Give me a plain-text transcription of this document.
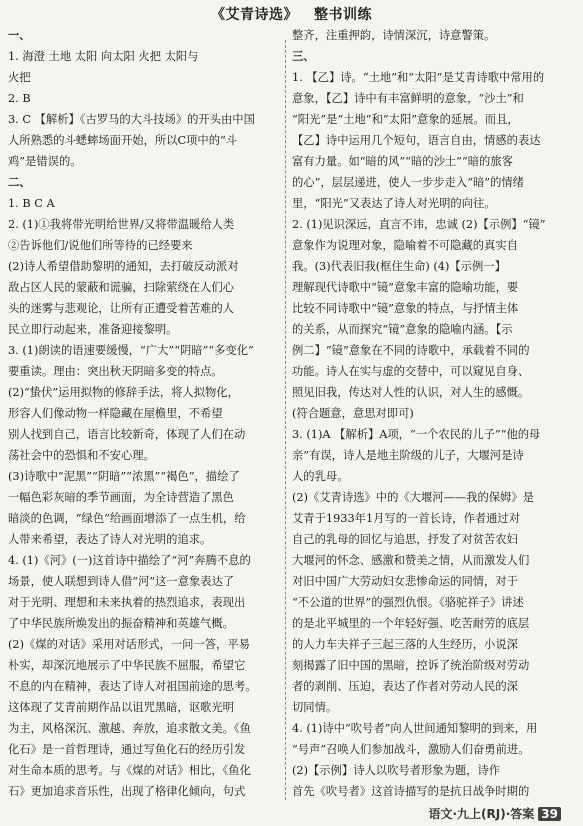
《艾青诗选》 整书训练
一、
1. 海澄 土地 太阳 向太阳 火把 太阳与
火把
2. B
3. C 【解析】《古罗马的大斗技场》的开头由中国
人所熟悉的斗蟋蟀场面开始，所以C项中的“斗
鸡”是错误的。
二、
1. B C A
2. (1)①我将带光明给世界/又将带温暖给人类
②告诉他们/说他们所等待的已经要来
(2)诗人希望借助黎明的通知，去打破反动派对
敌占区人民的蒙蔽和谎骗，扫除萦绕在人们心
头的迷雾与悲观论，让所有正遭受着苦难的人
民立即行动起来，准备迎接黎明。
3. (1)朗读的语速要缓慢，“广大”“阴暗”“多变化”
要重读。理由：突出秋天阴暗多变的特点。
(2)“蛰伏”运用拟物的修辞手法，将人拟物化，
形容人们像动物一样隐藏在屋檐里，不希望
别人找到自己，语言比较新奇，体现了人们在动
荡社会中的恐惧和不安心理。
(3)诗歌中“泥黑”“阴暗”“浓黑”“褐色”，描绘了
一幅色彩灰暗的季节画面，为全诗营造了黑色
暗淡的色调，“绿色”给画面增添了一点生机，给
人带来希望，表达了诗人对光明的追求。
4. (1)《河》(一)这首诗中描绘了“河”奔腾不息的
场景，使人联想到诗人借“河”这一意象表达了
对于光明、理想和未来执着的热烈追求，表现出
了中华民族所焕发出的振奋精神和英雄气概。
(2)《煤的对话》采用对话形式，一问一答，平易
朴实，却深沉地展示了中华民族不屈服，希望它
不息的内在精神，表达了诗人对祖国前途的思考。
这体现了艾青前期作品以诅咒黑暗，讴歌光明
为主，风格深沉、激越、奔放，追求散文美。《鱼
化石》是一首哲理诗，通过写鱼化石的经历引发
对生命本质的思考。与《煤的对话》相比，《鱼化
石》更加追求音乐性，出现了格律化倾向，句式
整齐，注重押韵，诗情深沉，诗意警策。
三、
1. 【乙】诗。“土地”和“太阳”是艾青诗歌中常用的
意象，【乙】诗中有丰富鲜明的意象，“沙土”和
“阳光”是“土地”和“太阳”意象的延展。而且，
【乙】诗中运用几个短句，语言自由，情感的表达
富有力量。如“暗的风”“暗的沙土”“暗的旅客
的心”，层层递进，使人一步步走入“暗”的情绪
里，“阳光”又表达了诗人对光明的向往。
2. (1)见识深远，直言不讳，忠诚 (2)【示例】“镜”
意象作为说理对象，隐喻着不可隐藏的真实自
我。(3)代表旧我(框住生命) (4)【示例一】
理解现代诗歌中“镜”意象丰富的隐喻功能，要
比较不同诗歌中“镜”意象的特点，与抒情主体
的关系，从而探究“镜”意象的隐喻内涵。【示
例二】“镜”意象在不同的诗歌中，承载着不同的
功能。诗人在实与虚的交替中，可以窥见自身、
照见旧我，传达对人性的认识，对人生的感慨。
(符合题意，意思对即可)
3. (1)A 【解析】A项，“一个农民的儿子”“他的母
亲”有误，诗人是地主阶级的儿子，大堰河是诗
人的乳母。
(2)《艾青诗选》中的《大堰河——我的保姆》是
艾青于1933年1月写的一首长诗，作者通过对
自己的乳母的回忆与追思，抒发了对贫苦农妇
大堰河的怀念、感激和赞美之情，从而激发人们
对旧中国广大劳动妇女悲惨命运的同情，对于
“不公道的世界”的强烈仇恨。《骆驼祥子》讲述
的是北平城里的一个年轻好强、吃苦耐劳的底层
的人力车夫祥子三起三落的人生经历，小说深
刻揭露了旧中国的黑暗，控诉了统治阶级对劳动
者的剥削、压迫，表达了作者对劳动人民的深
切同情。
4. (1)诗中“吹号者”向人世间通知黎明的到来，用
“号声”召唤人们参加战斗，激励人们奋勇前进。
(2)【示例】诗人以吹号者形象为题，诗作
首先《吹号者》这首诗描写的是抗日战争时期的
语文·九上(RJ)·答案 39
